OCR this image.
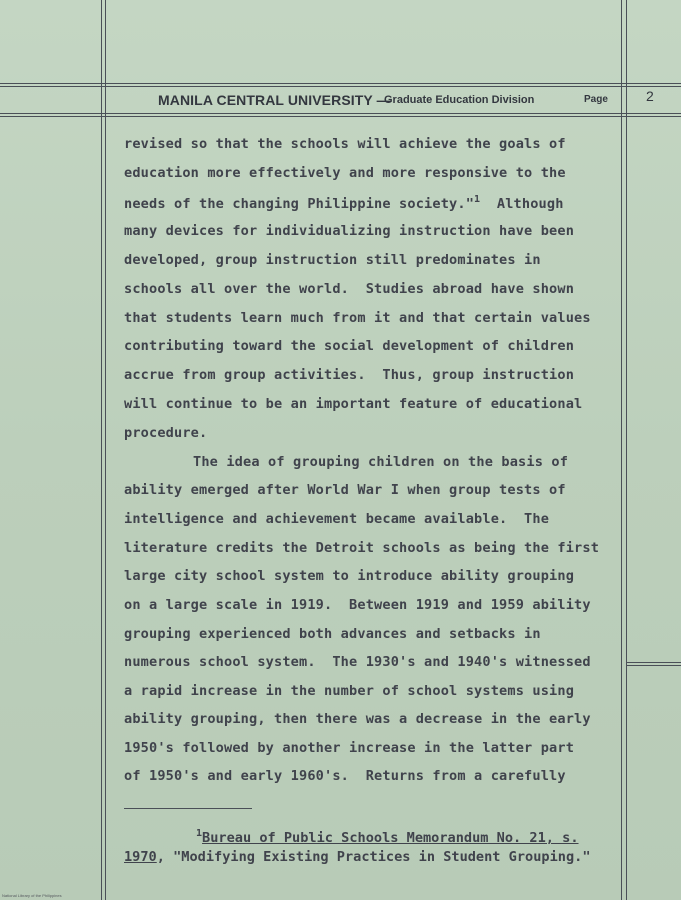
MANILA CENTRAL UNIVERSITY —
Graduate Education Division	Page	2
revised so that the schools will achieve the goals of
education more effectively and more responsive to the
needs of the changing Philippine society."$^1$  Although
many devices for individualizing instruction have been
developed, group instruction still predominates in
schools all over the world.  Studies abroad have shown
that students learn much from it and that certain values
contributing toward the social development of children
accrue from group activities.  Thus, group instruction
will continue to be an important feature of educational
procedure.
The idea of grouping children on the basis of
ability emerged after World War I when group tests of
intelligence and achievement became available.  The
literature credits the Detroit schools as being the first
large city school system to introduce ability grouping
on a large scale in 1919.  Between 1919 and 1959 ability
grouping experienced both advances and setbacks in
numerous school system.  The 1930's and 1940's witnessed
a rapid increase in the number of school systems using
ability grouping, then there was a decrease in the early
1950's followed by another increase in the latter part
of 1950's and early 1960's.  Returns from a carefully
$^1$Bureau of Public Schools Memorandum No. 21, s.
1970, "Modifying Existing Practices in Student Grouping."
National Library of the Philippines
